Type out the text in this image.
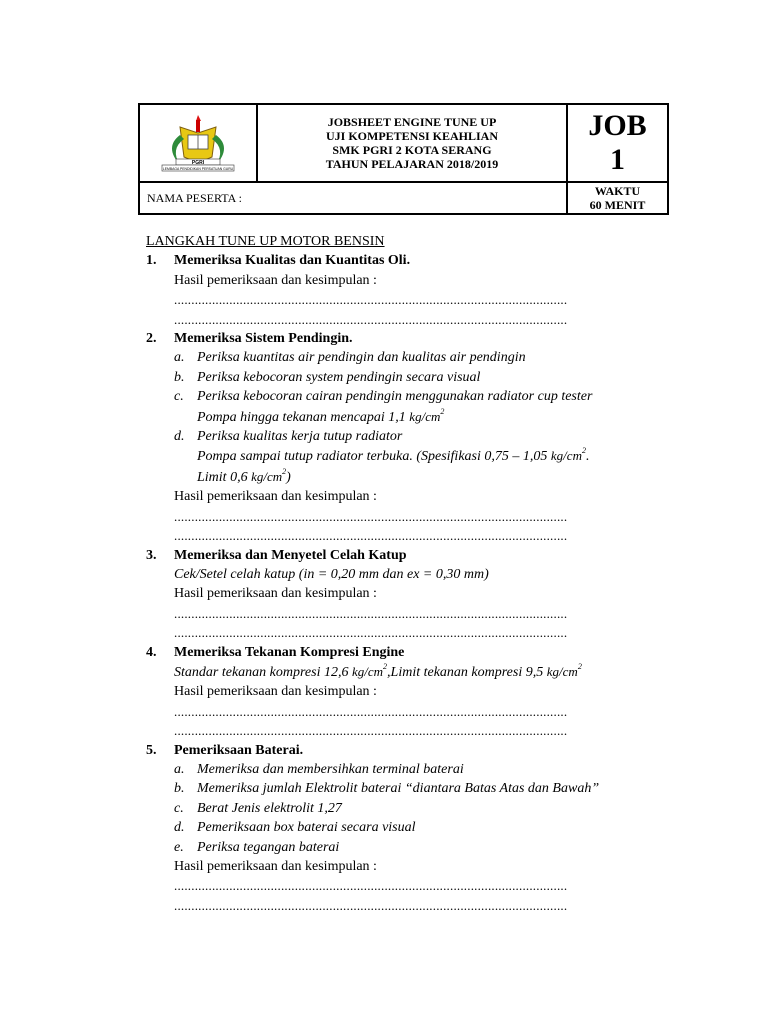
PGRI
LEMBAGA PENDIDIKAN PERSATUAN GURU
JOBSHEET ENGINE TUNE UP
UJI KOMPETENSI KEAHLIAN
SMK PGRI 2 KOTA SERANG
TAHUN PELAJARAN 2018/2019
JOB
1
NAMA PESERTA :	WAKTU
60 MENIT
LANGKAH TUNE UP MOTOR BENSIN
1.	Memeriksa Kualitas dan Kuantitas Oli.
Hasil pemeriksaan dan kesimpulan :
..................................................................................................................
..................................................................................................................
2.	Memeriksa Sistem Pendingin.
a. Periksa kuantitas air pendingin dan kualitas air pendingin
b. Periksa kebocoran system pendingin secara visual
c. Periksa kebocoran cairan pendingin menggunakan radiator cup tester
Pompa hingga tekanan mencapai 1,1 $kg/cm^2$
d. Periksa kualitas kerja tutup radiator
Pompa sampai tutup radiator terbuka. (Spesifikasi 0,75 – 1,05 $kg/cm^2$.
Limit 0,6 $kg/cm^2$)
Hasil pemeriksaan dan kesimpulan :
..................................................................................................................
..................................................................................................................
3.	Memeriksa dan Menyetel Celah Katup
Cek/Setel celah katup (in = 0,20 mm dan ex = 0,30 mm)
Hasil pemeriksaan dan kesimpulan :
..................................................................................................................
..................................................................................................................
4.	Memeriksa Tekanan Kompresi Engine
Standar tekanan kompresi 12,6 $kg/cm^2,Limit$ tekanan kompresi 9,5 $kg/cm^2$
Hasil pemeriksaan dan kesimpulan :
..................................................................................................................
..................................................................................................................
5.	Pemeriksaan Baterai.
a. Memeriksa dan membersihkan terminal baterai
b. Memeriksa jumlah Elektrolit baterai “diantara Batas Atas dan Bawah”
c. Berat Jenis elektrolit 1,27
d. Pemeriksaan box baterai secara visual
e. Periksa tegangan baterai
Hasil pemeriksaan dan kesimpulan :
..................................................................................................................
..................................................................................................................
